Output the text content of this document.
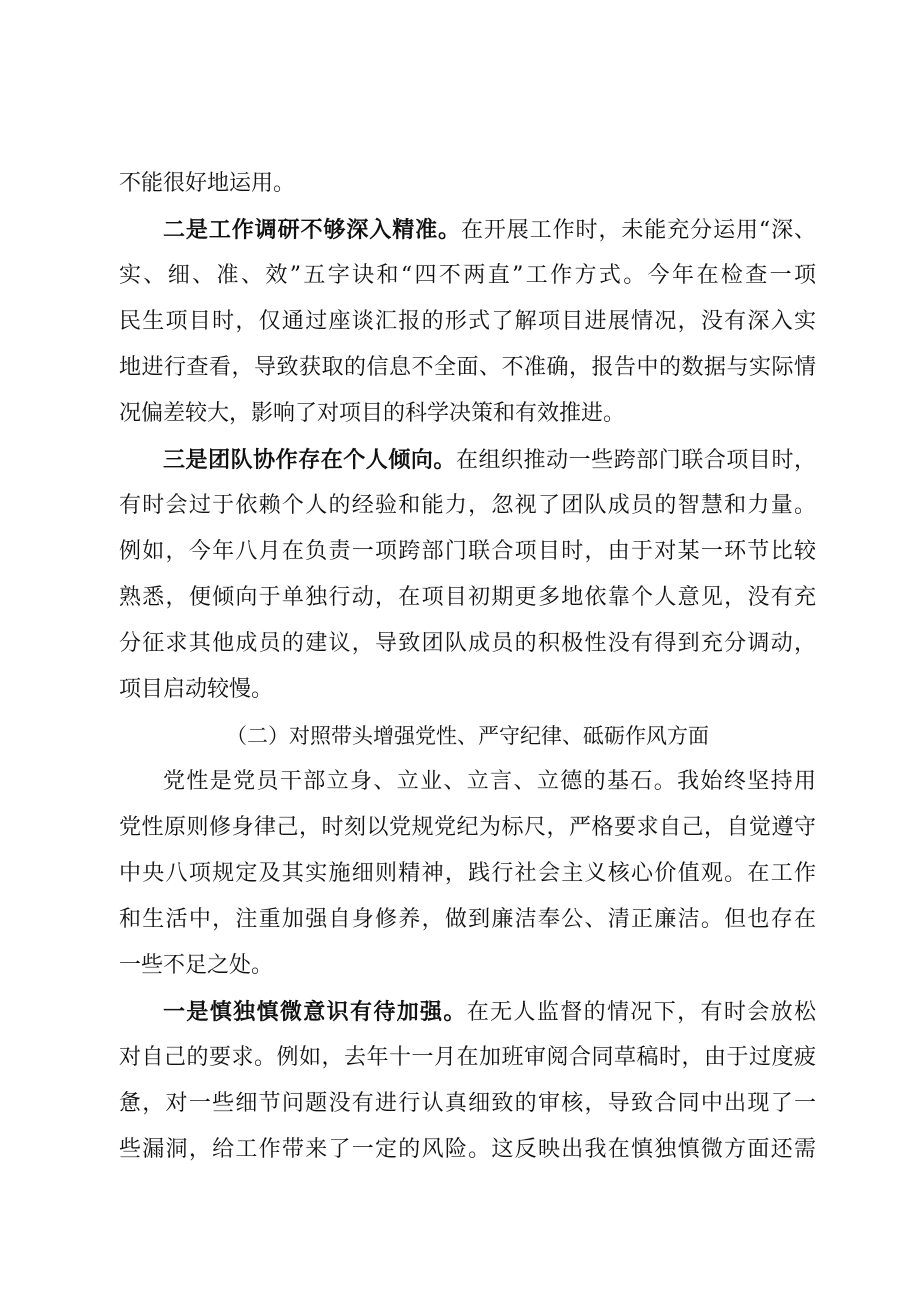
不能很好地运用。
二是工作调研不够深入精准。在开展工作时，未能充分运用“深、
实、细、准、效”五字诀和“四不两直”工作方式。今年在检查一项
民生项目时，仅通过座谈汇报的形式了解项目进展情况，没有深入实
地进行查看，导致获取的信息不全面、不准确，报告中的数据与实际情
况偏差较大，影响了对项目的科学决策和有效推进。
三是团队协作存在个人倾向。在组织推动一些跨部门联合项目时，
有时会过于依赖个人的经验和能力，忽视了团队成员的智慧和力量。
例如，今年八月在负责一项跨部门联合项目时，由于对某一环节比较
熟悉，便倾向于单独行动，在项目初期更多地依靠个人意见，没有充
分征求其他成员的建议，导致团队成员的积极性没有得到充分调动，
项目启动较慢。
（二）对照带头增强党性、严守纪律、砥砺作风方面
党性是党员干部立身、立业、立言、立德的基石。我始终坚持用
党性原则修身律己，时刻以党规党纪为标尺，严格要求自己，自觉遵守
中央八项规定及其实施细则精神，践行社会主义核心价值观。在工作
和生活中，注重加强自身修养，做到廉洁奉公、清正廉洁。但也存在
一些不足之处。
一是慎独慎微意识有待加强。在无人监督的情况下，有时会放松
对自己的要求。例如，去年十一月在加班审阅合同草稿时，由于过度疲
惫，对一些细节问题没有进行认真细致的审核，导致合同中出现了一
些漏洞，给工作带来了一定的风险。这反映出我在慎独慎微方面还需
